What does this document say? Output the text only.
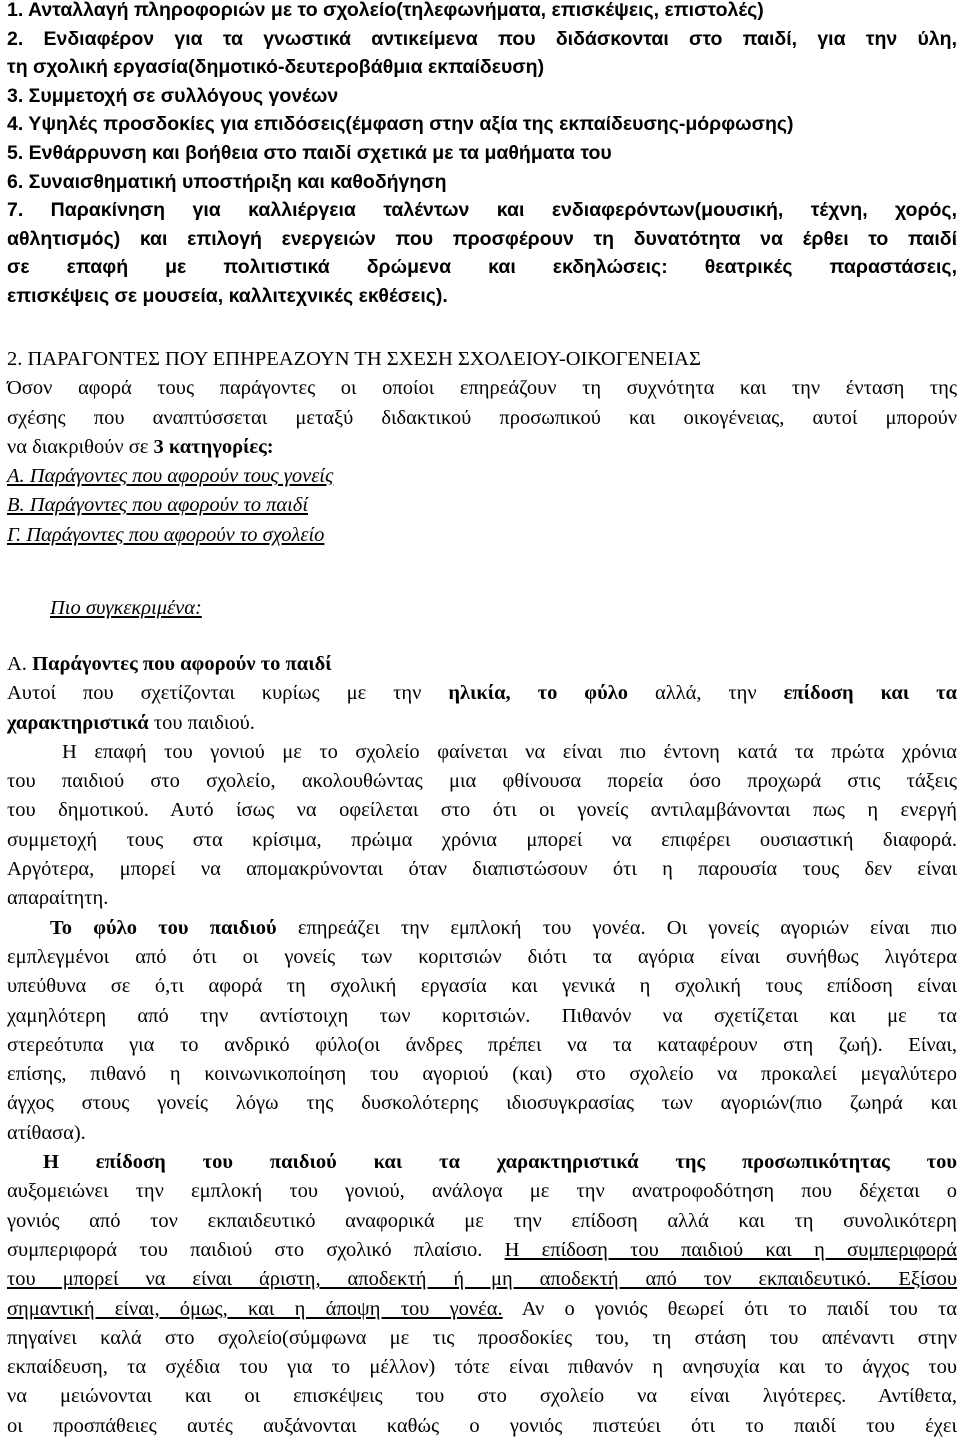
1. Ανταλλαγή πληροφοριών με το σχολείο(τηλεφωνήματα, επισκέψεις, επιστολές)
2. Ενδιαφέρον για τα γνωστικά αντικείμενα που διδάσκονται στο παιδί, για την ύλη,
τη σχολική εργασία(δημοτικό-δευτεροβάθμια εκπαίδευση)
3. Συμμετοχή σε συλλόγους γονέων
4. Υψηλές προσδοκίες για επιδόσεις(έμφαση στην αξία της εκπαίδευσης-μόρφωσης)
5. Ενθάρρυνση και βοήθεια στο παιδί σχετικά με τα μαθήματα του
6. Συναισθηματική υποστήριξη και καθοδήγηση
7. Παρακίνηση για καλλιέργεια ταλέντων και ενδιαφερόντων(μουσική, τέχνη, χορός,
αθλητισμός) και επιλογή ενεργειών που προσφέρουν τη δυνατότητα να έρθει το παιδί
σε επαφή με πολιτιστικά δρώμενα και εκδηλώσεις: θεατρικές παραστάσεις,
επισκέψεις σε μουσεία, καλλιτεχνικές εκθέσεις).
2. ΠΑΡΑΓΟΝΤΕΣ ΠΟΥ ΕΠΗΡΕΑΖΟΥΝ ΤΗ ΣΧΕΣΗ ΣΧΟΛΕΙΟΥ-ΟΙΚΟΓΕΝΕΙΑΣ
Όσον αφορά τους παράγοντες οι οποίοι επηρεάζουν τη συχνότητα και την ένταση της
σχέσης που αναπτύσσεται μεταξύ διδακτικού προσωπικού και οικογένειας, αυτοί μπορούν
να διακριθούν σε 3 κατηγορίες:
Α. Παράγοντες που αφορούν τους γονείς
Β. Παράγοντες που αφορούν το παιδί
Γ. Παράγοντες που αφορούν το σχολείο
Πιο συγκεκριμένα:
Α. Παράγοντες που αφορούν το παιδί
Αυτοί που σχετίζονται κυρίως με την ηλικία, το φύλο αλλά, την επίδοση και τα
χαρακτηριστικά του παιδιού.
Η επαφή του γονιού με το σχολείο φαίνεται να είναι πιο έντονη κατά τα πρώτα χρόνια
του παιδιού στο σχολείο, ακολουθώντας μια φθίνουσα πορεία όσο προχωρά στις τάξεις
του δημοτικού. Αυτό ίσως να οφείλεται στο ότι οι γονείς αντιλαμβάνονται πως η ενεργή
συμμετοχή τους στα κρίσιμα, πρώιμα χρόνια μπορεί να επιφέρει ουσιαστική διαφορά.
Αργότερα, μπορεί να απομακρύνονται όταν διαπιστώσουν ότι η παρουσία τους δεν είναι
απαραίτητη.
Το φύλο του παιδιού επηρεάζει την εμπλοκή του γονέα. Οι γονείς αγοριών είναι πιο
εμπλεγμένοι από ότι οι γονείς των κοριτσιών διότι τα αγόρια είναι συνήθως λιγότερα
υπεύθυνα σε ό,τι αφορά τη σχολική εργασία και γενικά η σχολική τους επίδοση είναι
χαμηλότερη από την αντίστοιχη των κοριτσιών. Πιθανόν να σχετίζεται και με τα
στερεότυπα για το ανδρικό φύλο(οι άνδρες πρέπει να τα καταφέρουν στη ζωή). Είναι,
επίσης, πιθανό η κοινωνικοποίηση του αγοριού (και) στο σχολείο να προκαλεί μεγαλύτερο
άγχος στους γονείς λόγω της δυσκολότερης ιδιοσυγκρασίας των αγοριών(πιο ζωηρά και
ατίθασα).
Η επίδοση του παιδιού και τα χαρακτηριστικά της προσωπικότητας του
αυξομειώνει την εμπλοκή του γονιού, ανάλογα με την ανατροφοδότηση που δέχεται ο
γονιός από τον εκπαιδευτικό αναφορικά με την επίδοση αλλά και τη συνολικότερη
συμπεριφορά του παιδιού στο σχολικό πλαίσιο. Η επίδοση του παιδιού και η συμπεριφορά
του μπορεί να είναι άριστη, αποδεκτή ή μη αποδεκτή από τον εκπαιδευτικό. Εξίσου
σημαντική είναι, όμως, και η άποψη του γονέα. Αν ο γονιός θεωρεί ότι το παιδί του τα
πηγαίνει καλά στο σχολείο(σύμφωνα με τις προσδοκίες του, τη στάση του απέναντι στην
εκπαίδευση, τα σχέδια του για το μέλλον) τότε είναι πιθανόν η ανησυχία και το άγχος του
να μειώνονται και οι επισκέψεις του στο σχολείο να είναι λιγότερες. Αντίθετα,
οι προσπάθειες αυτές αυξάνονται καθώς ο γονιός πιστεύει ότι το παιδί του έχει
